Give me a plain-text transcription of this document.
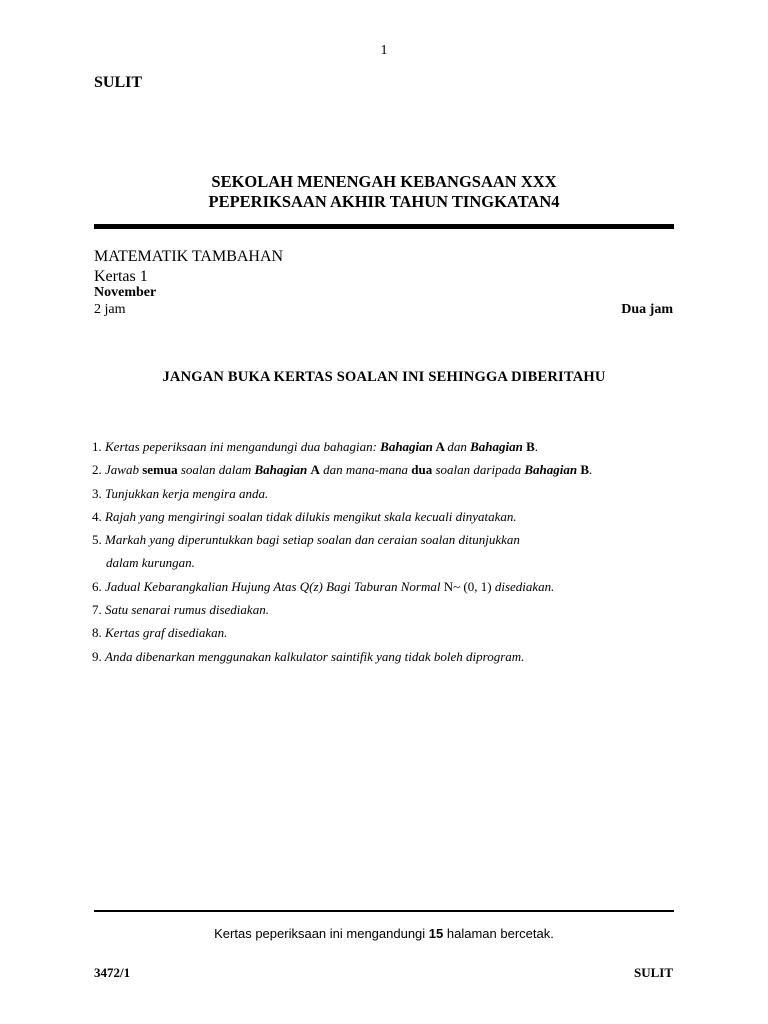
1
SULIT
SEKOLAH MENENGAH KEBANGSAAN XXX
PEPERIKSAAN AKHIR TAHUN TINGKATAN4
MATEMATIK TAMBAHAN
Kertas 1
November
2 jam	Dua jam
JANGAN BUKA KERTAS SOALAN INI SEHINGGA DIBERITAHU
1. Kertas peperiksaan ini mengandungi dua bahagian: Bahagian A dan Bahagian B.
2. Jawab semua soalan dalam Bahagian A dan mana-mana dua soalan daripada Bahagian B.
3. Tunjukkan kerja mengira anda.
4. Rajah yang mengiringi soalan tidak dilukis mengikut skala kecuali dinyatakan.
5. Markah yang diperuntukkan bagi setiap soalan dan ceraian soalan ditunjukkan
dalam kurungan.
6. Jadual Kebarangkalian Hujung Atas Q(z) Bagi Taburan Normal N~ (0, 1) disediakan.
7. Satu senarai rumus disediakan.
8. Kertas graf disediakan.
9. Anda dibenarkan menggunakan kalkulator saintifik yang tidak boleh diprogram.
Kertas peperiksaan ini mengandungi 15 halaman bercetak.
3472/1	SULIT
